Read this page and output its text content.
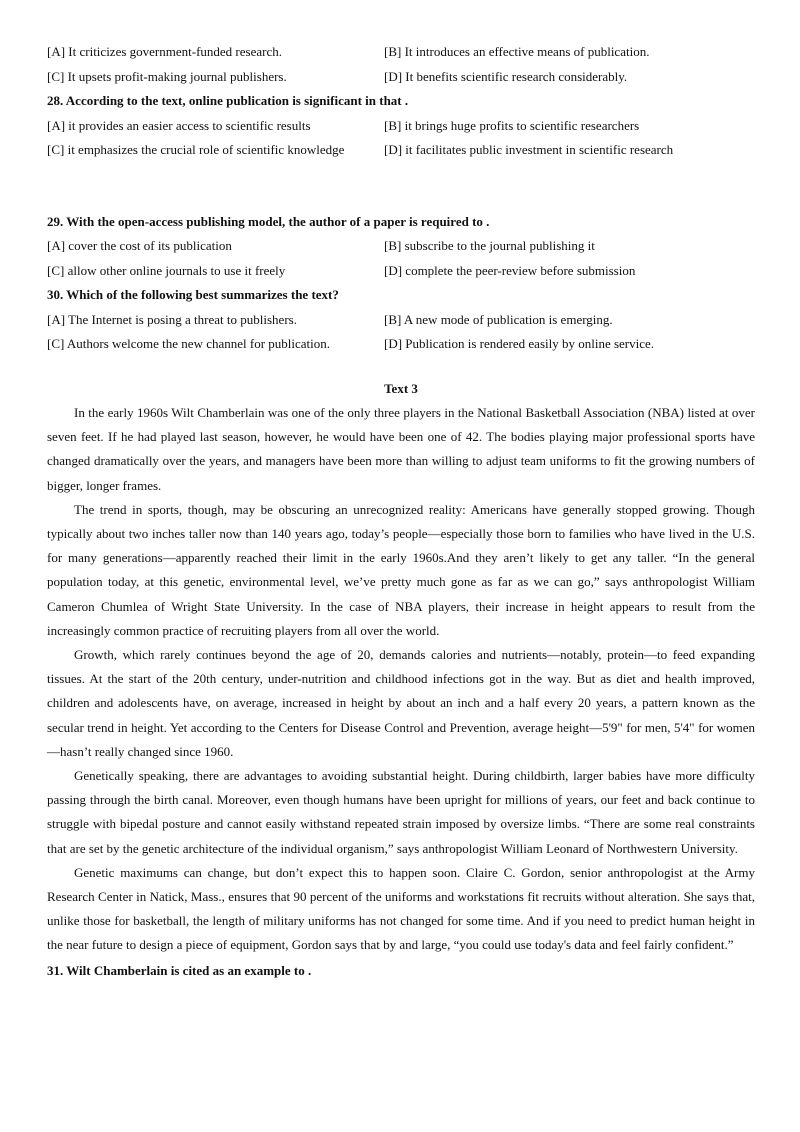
[A] It criticizes government-funded research.	[B] It introduces an effective means of publication.
[C] It upsets profit-making journal publishers.	[D] It benefits scientific research considerably.
28. According to the text, online publication is significant in that .
[A] it provides an easier access to scientific results	[B] it brings huge profits to scientific researchers
[C] it emphasizes the crucial role of scientific knowledge	[D] it facilitates public investment in scientific research
29. With the open-access publishing model, the author of a paper is required to .
[A] cover the cost of its publication	[B] subscribe to the journal publishing it
[C] allow other online journals to use it freely	[D] complete the peer-review before submission
30. Which of the following best summarizes the text?
[A] The Internet is posing a threat to publishers.	[B] A new mode of publication is emerging.
[C] Authors welcome the new channel for publication.	[D] Publication is rendered easily by online service.
Text 3

In the early 1960s Wilt Chamberlain was one of the only three players in the National Basketball Association (NBA) listed at over seven feet. If he had played last season, however, he would have been one of 42. The bodies playing major professional sports have changed dramatically over the years, and managers have been more than willing to adjust team uniforms to fit the growing numbers of bigger, longer frames.

The trend in sports, though, may be obscuring an unrecognized reality: Americans have generally stopped growing. Though typically about two inches taller now than 140 years ago, today’s people—especially those born to families who have lived in the U.S. for many generations—apparently reached their limit in the early 1960s.And they aren’t likely to get any taller. “In the general population today, at this genetic, environmental level, we’ve pretty much gone as far as we can go,” says anthropologist William Cameron Chumlea of Wright State University. In the case of NBA players, their increase in height appears to result from the increasingly common practice of recruiting players from all over the world.

Growth, which rarely continues beyond the age of 20, demands calories and nutrients—notably, protein—to feed expanding tissues. At the start of the 20th century, under-nutrition and childhood infections got in the way. But as diet and health improved, children and adolescents have, on average, increased in height by about an inch and a half every 20 years, a pattern known as the secular trend in height. Yet according to the Centers for Disease Control and Prevention, average height—5'9" for men, 5'4" for women—hasn’t really changed since 1960.

Genetically speaking, there are advantages to avoiding substantial height. During childbirth, larger babies have more difficulty passing through the birth canal. Moreover, even though humans have been upright for millions of years, our feet and back continue to struggle with bipedal posture and cannot easily withstand repeated strain imposed by oversize limbs. “There are some real constraints that are set by the genetic architecture of the individual organism,” says anthropologist William Leonard of Northwestern University.

Genetic maximums can change, but don’t expect this to happen soon. Claire C. Gordon, senior anthropologist at the Army Research Center in Natick, Mass., ensures that 90 percent of the uniforms and workstations fit recruits without alteration. She says that, unlike those for basketball, the length of military uniforms has not changed for some time. And if you need to predict human height in the near future to design a piece of equipment, Gordon says that by and large, “you could use today's data and feel fairly confident.”

31. Wilt Chamberlain is cited as an example to .
